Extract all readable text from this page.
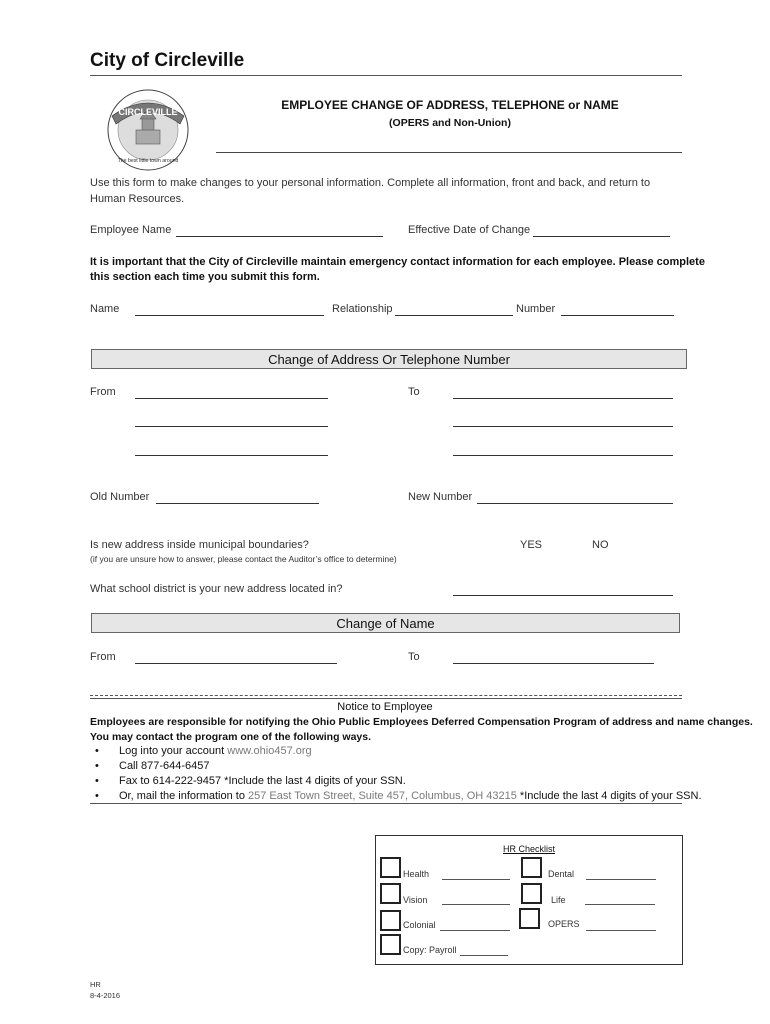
City of Circleville
CIRCLEVILLE
The best little town around
EMPLOYEE CHANGE OF ADDRESS, TELEPHONE or NAME
(OPERS and Non-Union)
Use this form to make changes to your personal information. Complete all information, front and back, and return to
Human Resources.
Employee Name	Effective Date of Change
It is important that the City of Circleville maintain emergency contact information for each employee. Please complete
this section each time you submit this form.
Name	Relationship	Number
Change of Address Or Telephone Number
From	To
Old Number	New Number
Is new address inside municipal boundaries?
(if you are unsure how to answer, please contact the Auditor’s office to determine)
YES	NO
What school district is your new address located in?
Change of Name
From	To
Notice to Employee
Employees are responsible for notifying the Ohio Public Employees Deferred Compensation Program of address and name changes.
You may contact the program one of the following ways.
• Log into your account www.ohio457.org
• Call 877-644-6457
• Fax to 614-222-9457 *Include the last 4 digits of your SSN.
• Or, mail the information to 257 East Town Street, Suite 457, Columbus, OH 43215 *Include the last 4 digits of your SSN.
HR Checklist
Health	Dental
Vision	Life
Colonial	OPERS
Copy: Payroll
HR
8-4-2016
